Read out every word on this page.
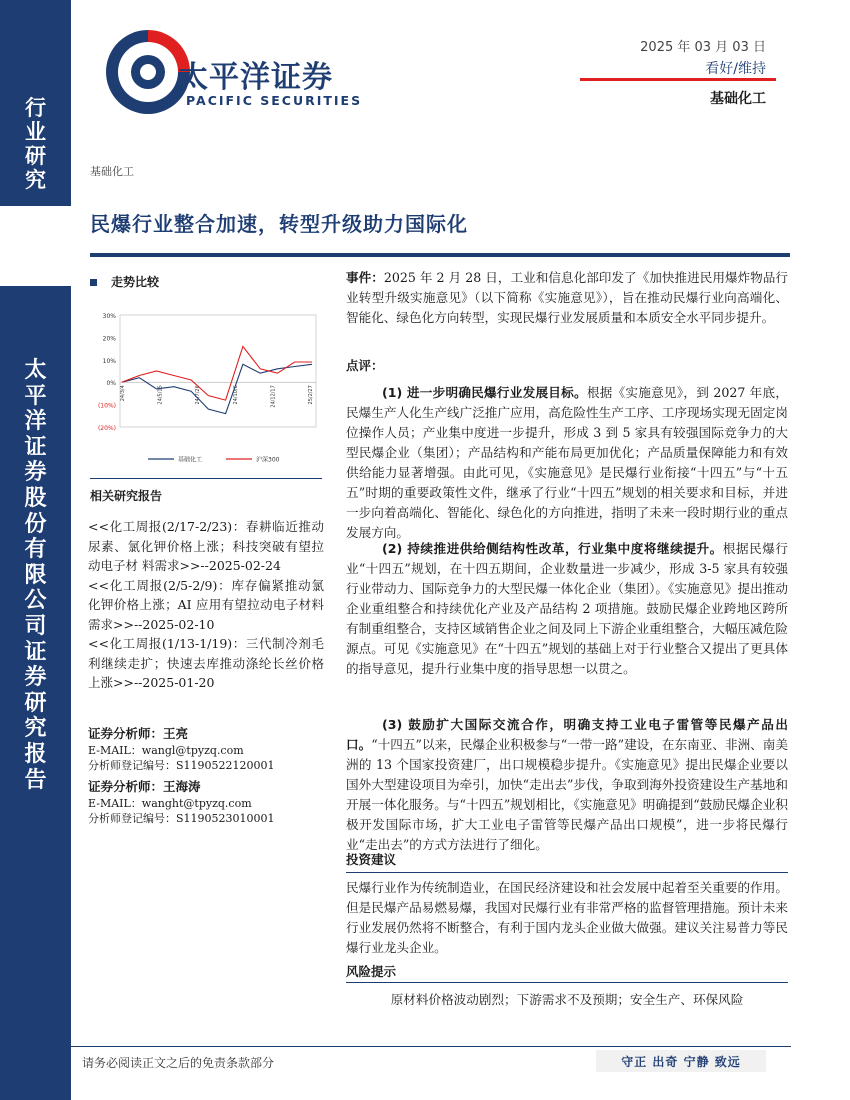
行
业
研
究
太
平
洋
证
券
股
份
有
限
公
司
证
券
研
究
报
告
太平洋证券
PACIFIC SECURITIES
2025 年 03 月 03 日
看好/维持
基础化工
基础化工
民爆行业整合加速，转型升级助力国际化
走势比较
30%
20%
10%
0%
(10%)
(20%)
24/3/4	24/5/15	24/7/26	24/10/6	24/12/17	25/2/27
基础化工	沪深300
相关研究报告
<<化工周报(2/17-2/23)：春耕临近推动尿素、氯化钾价格上涨；科技突破有望拉动电子材 料需求>>--2025-02-24
<<化工周报(2/5-2/9)：库存偏紧推动氯化钾价格上涨；AI 应用有望拉动电子材料需求>>--2025-02-10
<<化工周报(1/13-1/19)：三代制冷剂毛利继续走扩；快速去库推动涤纶长丝价格上涨>>--2025-01-20
证券分析师：王亮
E-MAIL：wangl@tpyzq.com
分析师登记编号：S1190522120001
证券分析师：王海涛
E-MAIL：wanght@tpyzq.com
分析师登记编号：S1190523010001
事件：2025 年 2 月 28 日，工业和信息化部印发了《加快推进民用爆炸物品行业转型升级实施意见》（以下简称《实施意见》），旨在推动民爆行业向高端化、智能化、绿色化方向转型，实现民爆行业发展质量和本质安全水平同步提升。
点评：
(1) 进一步明确民爆行业发展目标。根据《实施意见》，到 2027 年底，民爆生产人化生产线广泛推广应用，高危险性生产工序、工序现场实现无固定岗位操作人员；产业集中度进一步提升，形成 3 到 5 家具有较强国际竞争力的大型民爆企业（集团）；产品结构和产能布局更加优化；产品质量保障能力和有效供给能力显著增强。由此可见，《实施意见》是民爆行业衔接“十四五”与“十五五”时期的重要政策性文件，继承了行业“十四五”规划的相关要求和目标，并进一步向着高端化、智能化、绿色化的方向推进，指明了未来一段时期行业的重点发展方向。
(2) 持续推进供给侧结构性改革，行业集中度将继续提升。根据民爆行业“十四五”规划，在十四五期间，企业数量进一步减少，形成 3-5 家具有较强行业带动力、国际竞争力的大型民爆一体化企业（集团）。《实施意见》提出推动企业重组整合和持续优化产业及产品结构 2 项措施。鼓励民爆企业跨地区跨所有制重组整合，支持区域销售企业之间及同上下游企业重组整合，大幅压减危险源点。可见《实施意见》在“十四五”规划的基础上对于行业整合又提出了更具体的指导意见，提升行业集中度的指导思想一以贯之。
(3) 鼓励扩大国际交流合作，明确支持工业电子雷管等民爆产品出口。“十四五”以来，民爆企业积极参与“一带一路”建设，在东南亚、非洲、南美洲的 13 个国家投资建厂，出口规模稳步提升。《实施意见》提出民爆企业要以国外大型建设项目为牵引，加快“走出去”步伐，争取到海外投资建设生产基地和开展一体化服务。与“十四五”规划相比，《实施意见》明确提到“鼓励民爆企业积极开发国际市场，扩大工业电子雷管等民爆产品出口规模”，进一步将民爆行业“走出去”的方式方法进行了细化。
投资建议
民爆行业作为传统制造业，在国民经济建设和社会发展中起着至关重要的作用。但是民爆产品易燃易爆，我国对民爆行业有非常严格的监督管理措施。预计未来行业发展仍然将不断整合，有利于国内龙头企业做大做强。建议关注易普力等民爆行业龙头企业。
风险提示
原材料价格波动剧烈；下游需求不及预期；安全生产、环保风险
请务必阅读正文之后的免责条款部分	守正 出奇 宁静 致远
